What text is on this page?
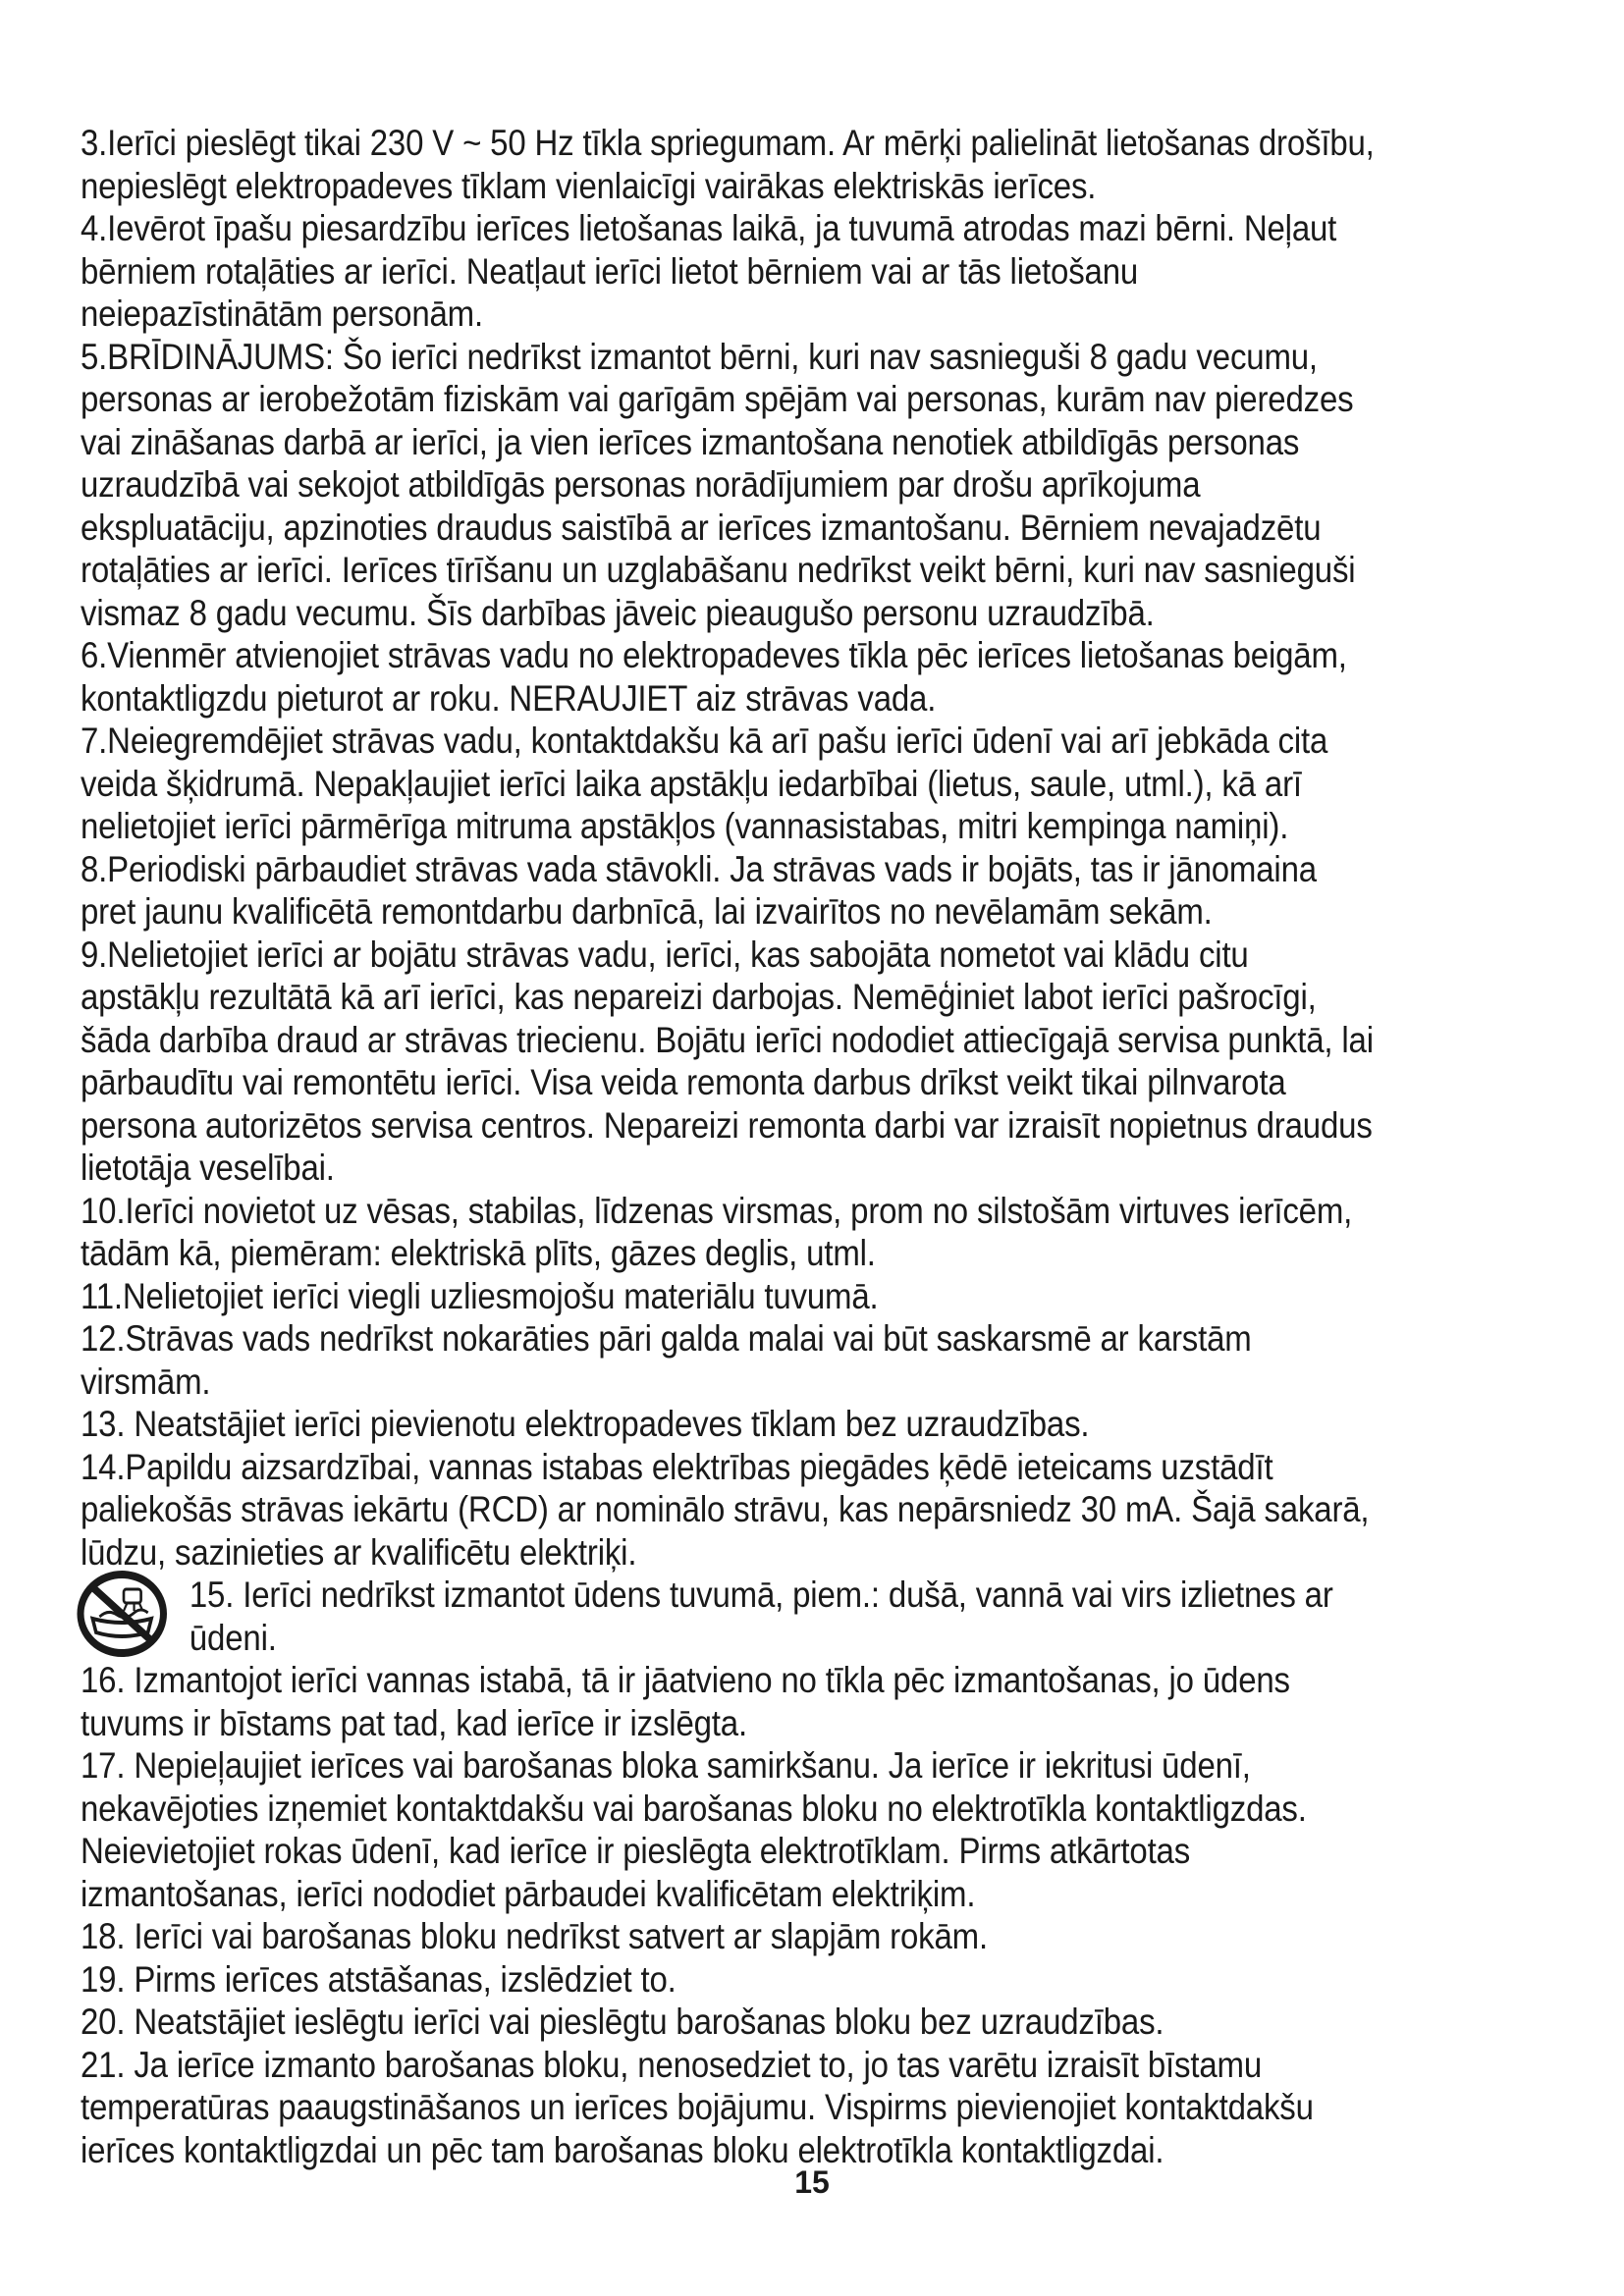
3.Ierīci pieslēgt tikai 230 V ~ 50 Hz tīkla spriegumam. Ar mērķi palielināt lietošanas drošību, nepieslēgt elektropadeves tīklam vienlaicīgi vairākas elektriskās ierīces.

4.Ievērot īpašu piesardzību ierīces lietošanas laikā, ja tuvumā atrodas mazi bērni. Neļaut bērniem rotaļāties ar ierīci. Neatļaut ierīci lietot bērniem vai ar tās lietošanu neiepazīstinātām personām.

5.BRĪDINĀJUMS: Šo ierīci nedrīkst izmantot bērni, kuri nav sasnieguši 8 gadu vecumu, personas ar ierobežotām fiziskām vai garīgām spējām vai personas, kurām nav pieredzes vai zināšanas darbā ar ierīci, ja vien ierīces izmantošana nenotiek atbildīgās personas uzraudzībā vai sekojot atbildīgās personas norādījumiem par drošu aprīkojuma ekspluatāciju, apzinoties draudus saistībā ar ierīces izmantošanu. Bērniem nevajadzētu rotaļāties ar ierīci. Ierīces tīrīšanu un uzglabāšanu nedrīkst veikt bērni, kuri nav sasnieguši vismaz 8 gadu vecumu. Šīs darbības jāveic pieaugušo personu uzraudzībā.

6.Vienmēr atvienojiet strāvas vadu no elektropadeves tīkla pēc ierīces lietošanas beigām, kontaktligzdu pieturot ar roku. NERAUJIET aiz strāvas vada.

7.Neiegremdējiet strāvas vadu, kontaktdakšu kā arī pašu ierīci ūdenī vai arī jebkāda cita veida šķidrumā. Nepakļaujiet ierīci laika apstākļu iedarbībai (lietus, saule, utml.), kā arī nelietojiet ierīci pārmērīga mitruma apstākļos (vannasistabas, mitri kempinga namiņi).

8.Periodiski pārbaudiet strāvas vada stāvokli. Ja strāvas vads ir bojāts, tas ir jānomaina pret jaunu kvalificētā remontdarbu darbnīcā, lai izvairītos no nevēlamām sekām.

9.Nelietojiet ierīci ar bojātu strāvas vadu, ierīci, kas sabojāta nometot vai klādu citu apstākļu rezultātā kā arī ierīci, kas nepareizi darbojas. Nemēģiniet labot ierīci pašrocīgi, šāda darbība draud ar strāvas triecienu. Bojātu ierīci nododiet attiecīgajā servisa punktā, lai pārbaudītu vai remontētu ierīci. Visa veida remonta darbus drīkst veikt tikai pilnvarota persona autorizētos servisa centros. Nepareizi remonta darbi var izraisīt nopietnus draudus lietotāja veselībai.

10.Ierīci novietot uz vēsas, stabilas, līdzenas virsmas, prom no silstošām virtuves ierīcēm, tādām kā, piemēram: elektriskā plīts, gāzes deglis, utml.

11.Nelietojiet ierīci viegli uzliesmojošu materiālu tuvumā.

12.Strāvas vads nedrīkst nokarāties pāri galda malai vai būt saskarsmē ar karstām virsmām.

13. Neatstājiet ierīci pievienotu elektropadeves tīklam bez uzraudzības.

14.Papildu aizsardzībai, vannas istabas elektrības piegādes ķēdē ieteicams uzstādīt paliekošās strāvas iekārtu (RCD) ar nominālo strāvu, kas nepārsniedz 30 mA. Šajā sakarā, lūdzu, sazinieties ar kvalificētu elektriķi.

15. Ierīci nedrīkst izmantot ūdens tuvumā, piem.: dušā, vannā vai virs izlietnes ar ūdeni.

16. Izmantojot ierīci vannas istabā, tā ir jāatvieno no tīkla pēc izmantošanas, jo ūdens tuvums ir bīstams pat tad, kad ierīce ir izslēgta.

17. Nepieļaujiet ierīces vai barošanas bloka samirkšanu. Ja ierīce ir iekritusi ūdenī, nekavējoties izņemiet kontaktdakšu vai barošanas bloku no elektrotīkla kontaktligzdas. Neievietojiet rokas ūdenī, kad ierīce ir pieslēgta elektrotīklam. Pirms atkārtotas izmantošanas, ierīci nododiet pārbaudei kvalificētam elektriķim.

18. Ierīci vai barošanas bloku nedrīkst satvert ar slapjām rokām.

19. Pirms ierīces atstāšanas, izslēdziet to.

20. Neatstājiet ieslēgtu ierīci vai pieslēgtu barošanas bloku bez uzraudzības.

21. Ja ierīce izmanto barošanas bloku, nenosedziet to, jo tas varētu izraisīt bīstamu temperatūras paaugstināšanos un ierīces bojājumu. Vispirms pievienojiet kontaktdakšu ierīces kontaktligzdai un pēc tam barošanas bloku elektrotīkla kontaktligzdai.

15
